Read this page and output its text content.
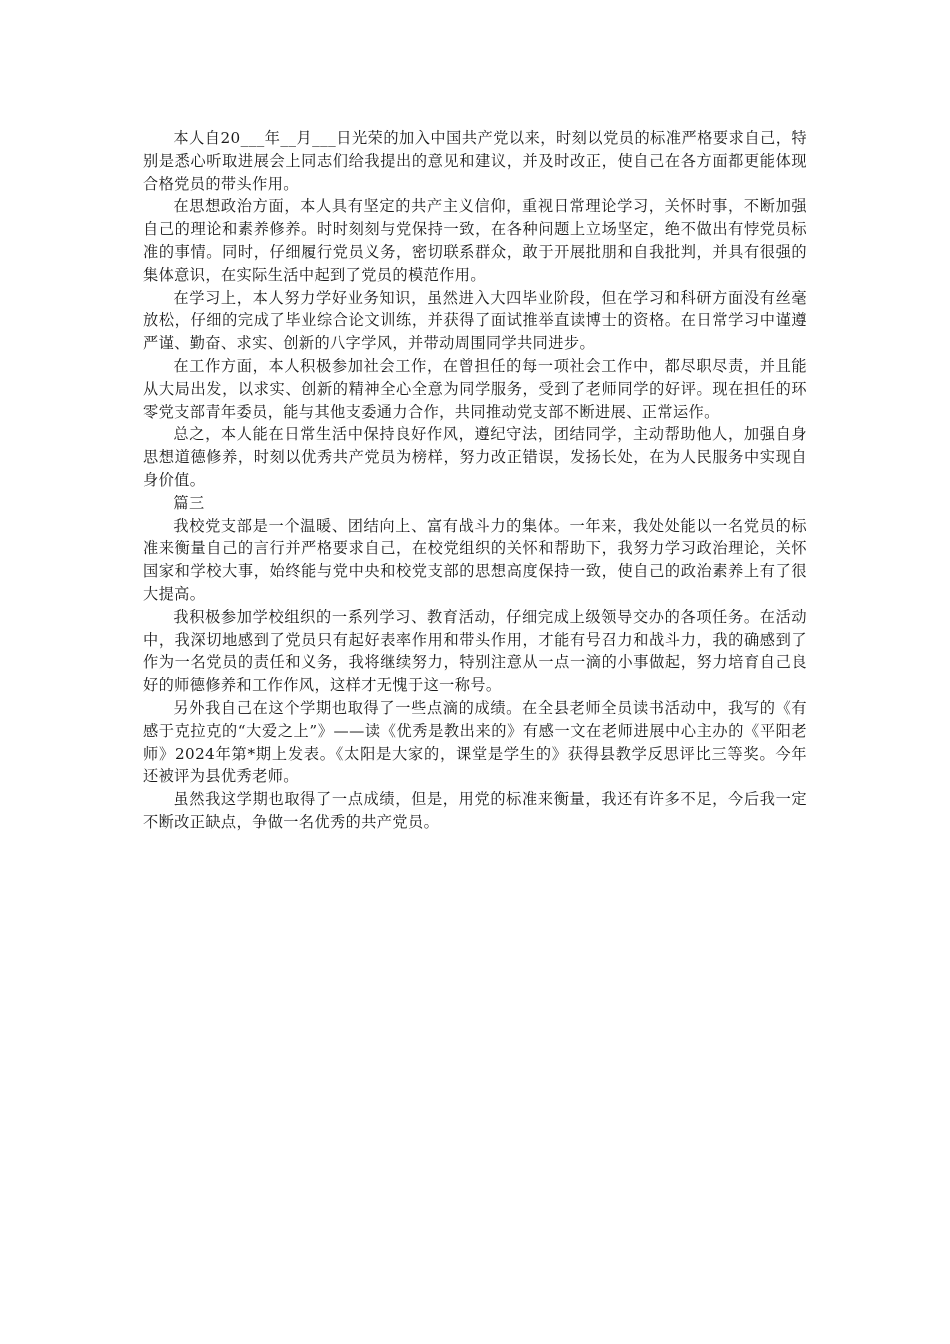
本人自20___年__月___日光荣的加入中国共产党以来，时刻以党员的标准严格要求自己，特别是悉心听取进展会上同志们给我提出的意见和建议，并及时改正，使自己在各方面都更能体现合格党员的带头作用。

在思想政治方面，本人具有坚定的共产主义信仰，重视日常理论学习，关怀时事，不断加强自己的理论和素养修养。时时刻刻与党保持一致，在各种问题上立场坚定，绝不做出有悖党员标准的事情。同时，仔细履行党员义务，密切联系群众，敢于开展批朋和自我批判，并具有很强的集体意识，在实际生活中起到了党员的模范作用。

在学习上，本人努力学好业务知识，虽然进入大四毕业阶段，但在学习和科研方面没有丝毫放松，仔细的完成了毕业综合论文训练，并获得了面试推举直读博士的资格。在日常学习中谨遵严谨、勤奋、求实、创新的八字学风，并带动周围同学共同进步。

在工作方面，本人积极参加社会工作，在曾担任的每一项社会工作中，都尽职尽责，并且能从大局出发，以求实、创新的精神全心全意为同学服务，受到了老师同学的好评。现在担任的环零党支部青年委员，能与其他支委通力合作，共同推动党支部不断进展、正常运作。

总之，本人能在日常生活中保持良好作风，遵纪守法，团结同学，主动帮助他人，加强自身思想道德修养，时刻以优秀共产党员为榜样，努力改正错误，发扬长处，在为人民服务中实现自身价值。

篇三

我校党支部是一个温暖、团结向上、富有战斗力的集体。一年来，我处处能以一名党员的标准来衡量自己的言行并严格要求自己，在校党组织的关怀和帮助下，我努力学习政治理论，关怀国家和学校大事，始终能与党中央和校党支部的思想高度保持一致，使自己的政治素养上有了很大提高。

我积极参加学校组织的一系列学习、教育活动，仔细完成上级领导交办的各项任务。在活动中，我深切地感到了党员只有起好表率作用和带头作用，才能有号召力和战斗力，我的确感到了作为一名党员的责任和义务，我将继续努力，特别注意从一点一滴的小事做起，努力培育自己良好的师德修养和工作作风，这样才无愧于这一称号。

另外我自己在这个学期也取得了一些点滴的成绩。在全县老师全员读书活动中，我写的《有感于克拉克的“大爱之上”》——读《优秀是教出来的》有感一文在老师进展中心主办的《平阳老师》2024年第*期上发表。《太阳是大家的，课堂是学生的》获得县教学反思评比三等奖。今年还被评为县优秀老师。

虽然我这学期也取得了一点成绩，但是，用党的标准来衡量，我还有许多不足，今后我一定不断改正缺点，争做一名优秀的共产党员。
